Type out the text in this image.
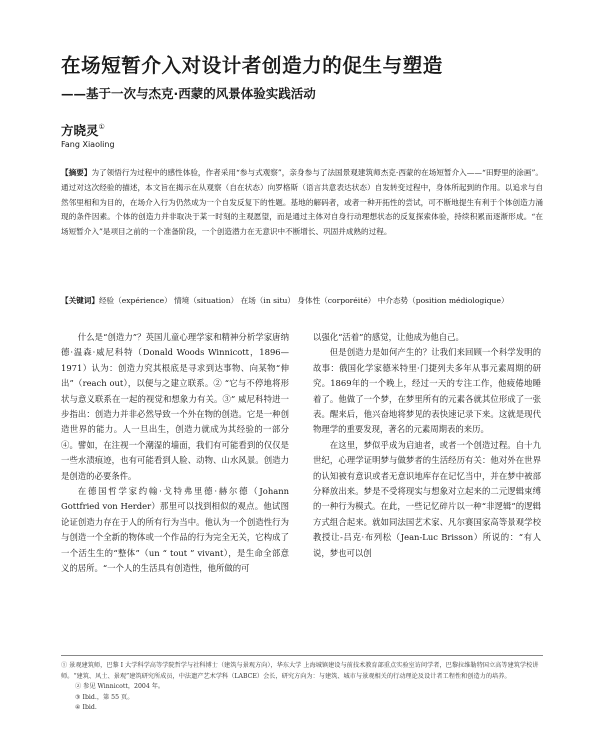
在场短暂介入对设计者创造力的促生与塑造
——基于一次与杰克·西蒙的风景体验实践活动
方晓灵①
Fang Xiaoling
【摘要】为了领悟行为过程中的感性体验，作者采用“参与式观察”，亲身参与了法国景观建筑师杰克·西蒙的在场短暂介入——“田野里的涂画”。通过对这次经验的描述，本文旨在揭示在从观察（自在状态）向罗格斯（语言共意表达状态）自发转变过程中，身体所起到的作用。以追求与自然邻里相和为目的，在场介入行为仍然成为一个自发反复下的性题。基地的解码者，或者一种开拓性的尝试，可不断地提生有利于个体创造力涌现的条件因素。个体的创造力并非取决于某一时刻的主观愿望，而是通过主体对自身行动理想状态的反复探索体验，持续积累而逐渐形成。“在场短暂介入”是项目之前的一个准备阶段，一个创造潜力在无意识中不断增长、巩固并成熟的过程。
【关键词】经验（expérience） 情境（situation） 在场（in situ） 身体性（corporéité） 中介态势（position médiologique）

什么是“创造力”？英国儿童心理学家和精神分析学家唐纳德·温森·威尼科特（Donald Woods Winnicott，1896—1971）认为：创造力究其根底是寻求到达事物、向某物“伸出”（reach out），以便与之建立联系。② “它与不停地将形状与意义联系在一起的视觉和想象力有关。③” 威尼科特进一步指出：创造力并非必然导致一个外在物的创造。它是一种创造世界的能力。人一旦出生，创造力就成为其经验的一部分④。譬如，在注视一个潮湿的墙面，我们有可能看到的仅仅是一些水渍痕迹，也有可能看到人脸、动物、山水风景。创造力是创造的必要条件。

在德国哲学家约翰·戈特弗里德·赫尔德（Johann Gottfried von Herder）那里可以找到相似的观点。他试图论证创造力存在于人的所有行为当中。他认为一个创造性行为与创造一个全新的物体或一个作品的行为完全无关，它构成了一个活生生的“整体”（un “ tout ” vivant），是生命全部意义的居所。“一个人的生活具有创造性，他所做的可

以强化“活着”的感觉，让他成为他自己。

但是创造力是如何产生的？让我们来回顾一个科学发明的故事：俄国化学家德米特里·门捷列夫多年从事元素周期的研究。1869年的一个晚上，经过一天的专注工作，他疲倦地睡着了。他做了一个梦，在梦里所有的元素各就其位形成了一张表。醒来后，他兴奋地将梦见的表快速记录下来。这就是现代物理学的重要发现，著名的元素周期表的来历。

在这里，梦似乎成为启迪者，或者一个创造过程。自十九世纪，心理学证明梦与做梦者的生活经历有关：他对外在世界的认知被有意识或者无意识地库存在记忆当中，并在梦中被部分释放出来。梦是不受将现实与想象对立起来的二元逻辑束缚的一种行为模式。在此，一些记忆碎片以一种“非逻辑”的逻辑方式组合起来。就如同法国艺术家、凡尔赛国家高等景观学校教授让-吕克·布列松（Jean-Luc Brisson）所说的：“有人说，梦也可以创

① 景观建筑师，巴黎 I 大学科学高等学院哲学与社科博士（建筑与景观方向），华东大学 上海城镇建设与前技术教育部重点实验室访问学者，巴黎拉维勒特国立高等建筑学校讲师。“建筑、风土、景观”建筑研究所成员，中法遗产艺术学科（LABCE）会长，研究方向为：与建筑、城市与景观相关的行动理论及设计者工程性和创造力的培养。
② 参见 Winnicott，2004 年。
③ Ibid.，第 55 页。
④ Ibid.
